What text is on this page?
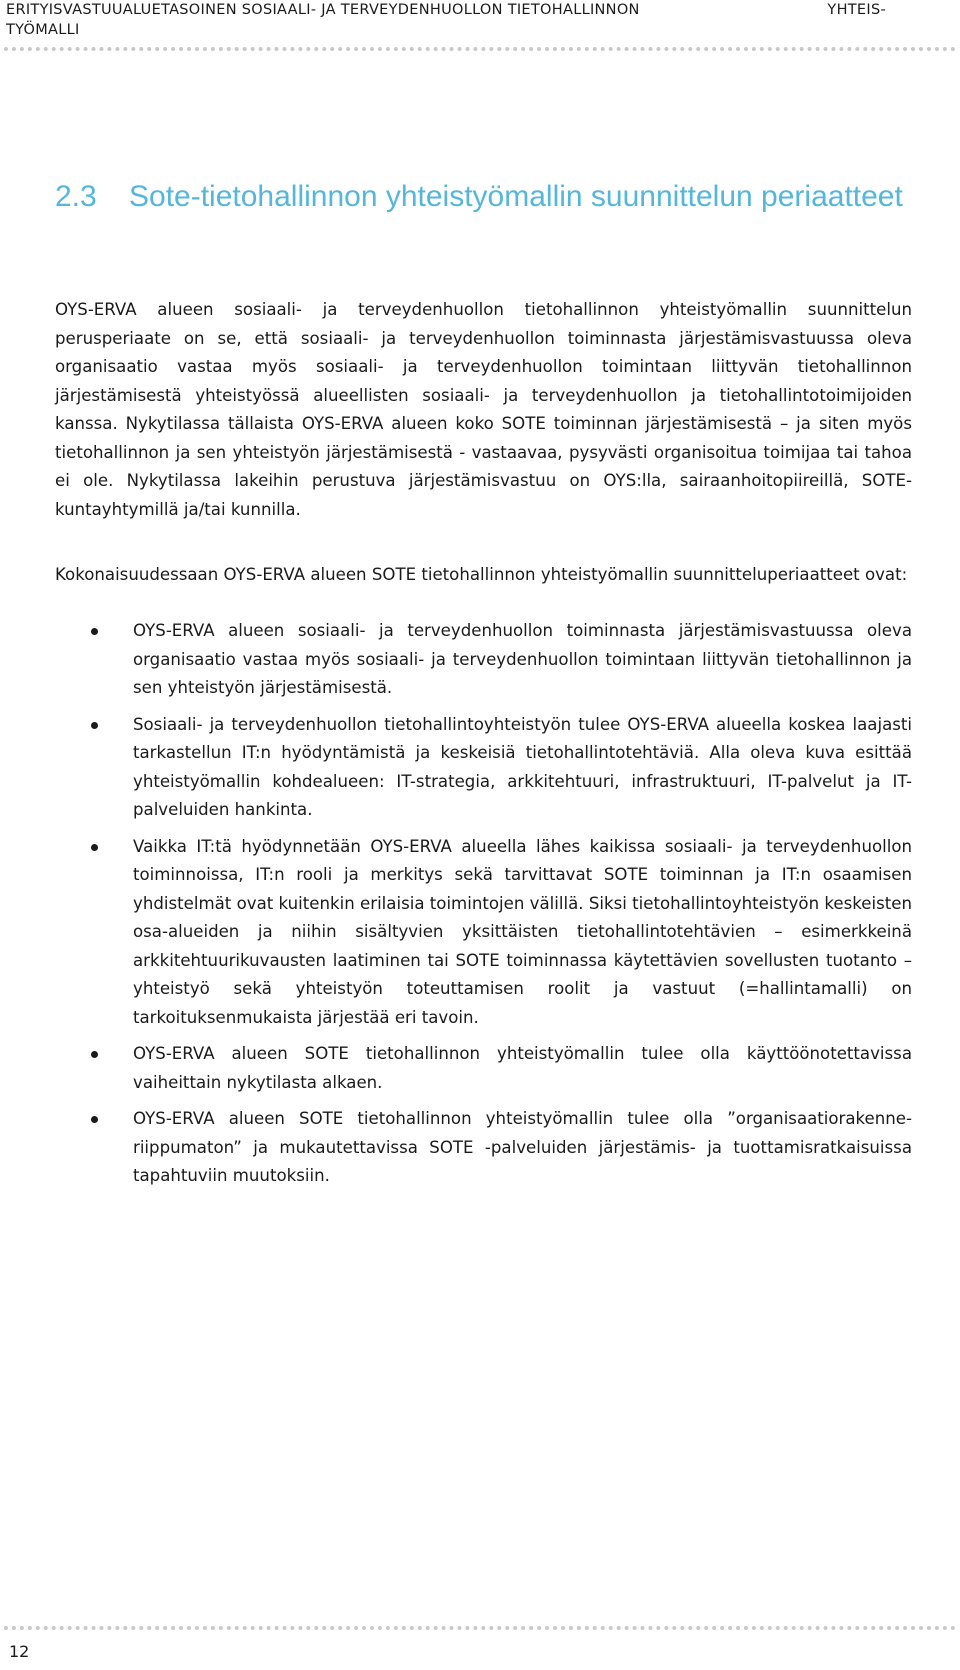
ERITYISVASTUUALUETASOINEN SOSIAALI- JA TERVEYDENHUOLLON TIETOHALLINNON	YHTEIS-
TYÖMALLI
2.3 Sote-tietohallinnon yhteistyömallin suunnittelun periaatteet

OYS-ERVA alueen sosiaali- ja terveydenhuollon tietohallinnon yhteistyömallin suunnittelun perusperiaate on se, että sosiaali- ja terveydenhuollon toiminnasta järjestämisvastuussa oleva organisaatio vastaa myös sosiaali- ja terveydenhuollon toimintaan liittyvän tietohallinnon järjestämisestä yhteistyössä alueellisten sosiaali- ja terveydenhuollon ja tietohallintotoimijoiden kanssa. Nykytilassa tällaista OYS-ERVA alueen koko SOTE toiminnan järjestämisestä – ja siten myös tietohallinnon ja sen yhteistyön järjestämisestä - vastaavaa, pysyvästi organisoitua toimijaa tai tahoa ei ole. Nykytilassa lakeihin perustuva järjestämisvastuu on OYS:lla, sairaanhoitopiireillä, SOTE- kuntayhtymillä ja/tai kunnilla.

Kokonaisuudessaan OYS-ERVA alueen SOTE tietohallinnon yhteistyömallin suunnitteluperiaatteet ovat:

OYS-ERVA alueen sosiaali- ja terveydenhuollon toiminnasta järjestämisvastuussa oleva organisaatio vastaa myös sosiaali- ja terveydenhuollon toimintaan liittyvän tietohallinnon ja sen yhteistyön järjestämisestä.
Sosiaali- ja terveydenhuollon tietohallintoyhteistyön tulee OYS-ERVA alueella koskea laajasti tarkastellun IT:n hyödyntämistä ja keskeisiä tietohallintotehtäviä. Alla oleva kuva esittää yhteistyömallin kohdealueen: IT-strategia, arkkitehtuuri, infrastruktuuri, IT-palvelut ja IT-palveluiden hankinta.
Vaikka IT:tä hyödynnetään OYS-ERVA alueella lähes kaikissa sosiaali- ja terveydenhuollon toiminnoissa, IT:n rooli ja merkitys sekä tarvittavat SOTE toiminnan ja IT:n osaamisen yhdistelmät ovat kuitenkin erilaisia toimintojen välillä. Siksi tietohallintoyhteistyön keskeisten osa-alueiden ja niihin sisältyvien yksittäisten tietohallintotehtävien – esimerkkeinä arkkitehtuurikuvausten laatiminen tai SOTE toiminnassa käytettävien sovellusten tuotanto – yhteistyö sekä yhteistyön toteuttamisen roolit ja vastuut (=hallintamalli) on tarkoituksenmukaista järjestää eri tavoin.
OYS-ERVA alueen SOTE tietohallinnon yhteistyömallin tulee olla käyttöönotettavissa vaiheittain nykytilasta alkaen.
OYS-ERVA alueen SOTE tietohallinnon yhteistyömallin tulee olla ”organisaatiorakenne-riippumaton” ja mukautettavissa SOTE -palveluiden järjestämis- ja tuottamisratkaisuissa tapahtuviin muutoksiin.
12
